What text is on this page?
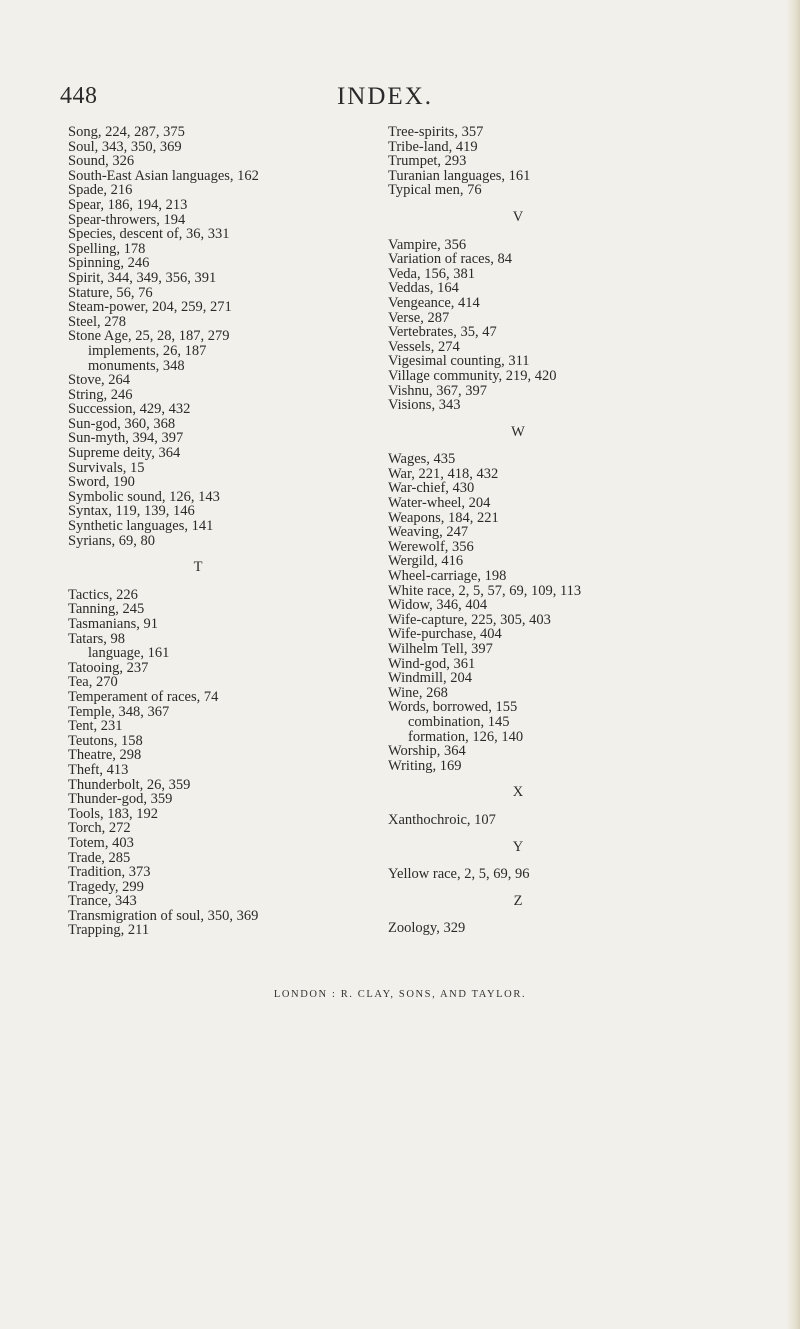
448	INDEX.
Song, 224, 287, 375
Soul, 343, 350, 369
Sound, 326
South-East Asian languages, 162
Spade, 216
Spear, 186, 194, 213
Spear-throwers, 194
Species, descent of, 36, 331
Spelling, 178
Spinning, 246
Spirit, 344, 349, 356, 391
Stature, 56, 76
Steam-power, 204, 259, 271
Steel, 278
Stone Age, 25, 28, 187, 279
implements, 26, 187
monuments, 348
Stove, 264
String, 246
Succession, 429, 432
Sun-god, 360, 368
Sun-myth, 394, 397
Supreme deity, 364
Survivals, 15
Sword, 190
Symbolic sound, 126, 143
Syntax, 119, 139, 146
Synthetic languages, 141
Syrians, 69, 80
T
Tactics, 226
Tanning, 245
Tasmanians, 91
Tatars, 98
language, 161
Tatooing, 237
Tea, 270
Temperament of races, 74
Temple, 348, 367
Tent, 231
Teutons, 158
Theatre, 298
Theft, 413
Thunderbolt, 26, 359
Thunder-god, 359
Tools, 183, 192
Torch, 272
Totem, 403
Trade, 285
Tradition, 373
Tragedy, 299
Trance, 343
Transmigration of soul, 350, 369
Trapping, 211
Tree-spirits, 357
Tribe-land, 419
Trumpet, 293
Turanian languages, 161
Typical men, 76
V
Vampire, 356
Variation of races, 84
Veda, 156, 381
Veddas, 164
Vengeance, 414
Verse, 287
Vertebrates, 35, 47
Vessels, 274
Vigesimal counting, 311
Village community, 219, 420
Vishnu, 367, 397
Visions, 343
W
Wages, 435
War, 221, 418, 432
War-chief, 430
Water-wheel, 204
Weapons, 184, 221
Weaving, 247
Werewolf, 356
Wergild, 416
Wheel-carriage, 198
White race, 2, 5, 57, 69, 109, 113
Widow, 346, 404
Wife-capture, 225, 305, 403
Wife-purchase, 404
Wilhelm Tell, 397
Wind-god, 361
Windmill, 204
Wine, 268
Words, borrowed, 155
combination, 145
formation, 126, 140
Worship, 364
Writing, 169
X
Xanthochroic, 107
Y
Yellow race, 2, 5, 69, 96
Z
Zoology, 329
LONDON : R. CLAY, SONS, AND TAYLOR.
